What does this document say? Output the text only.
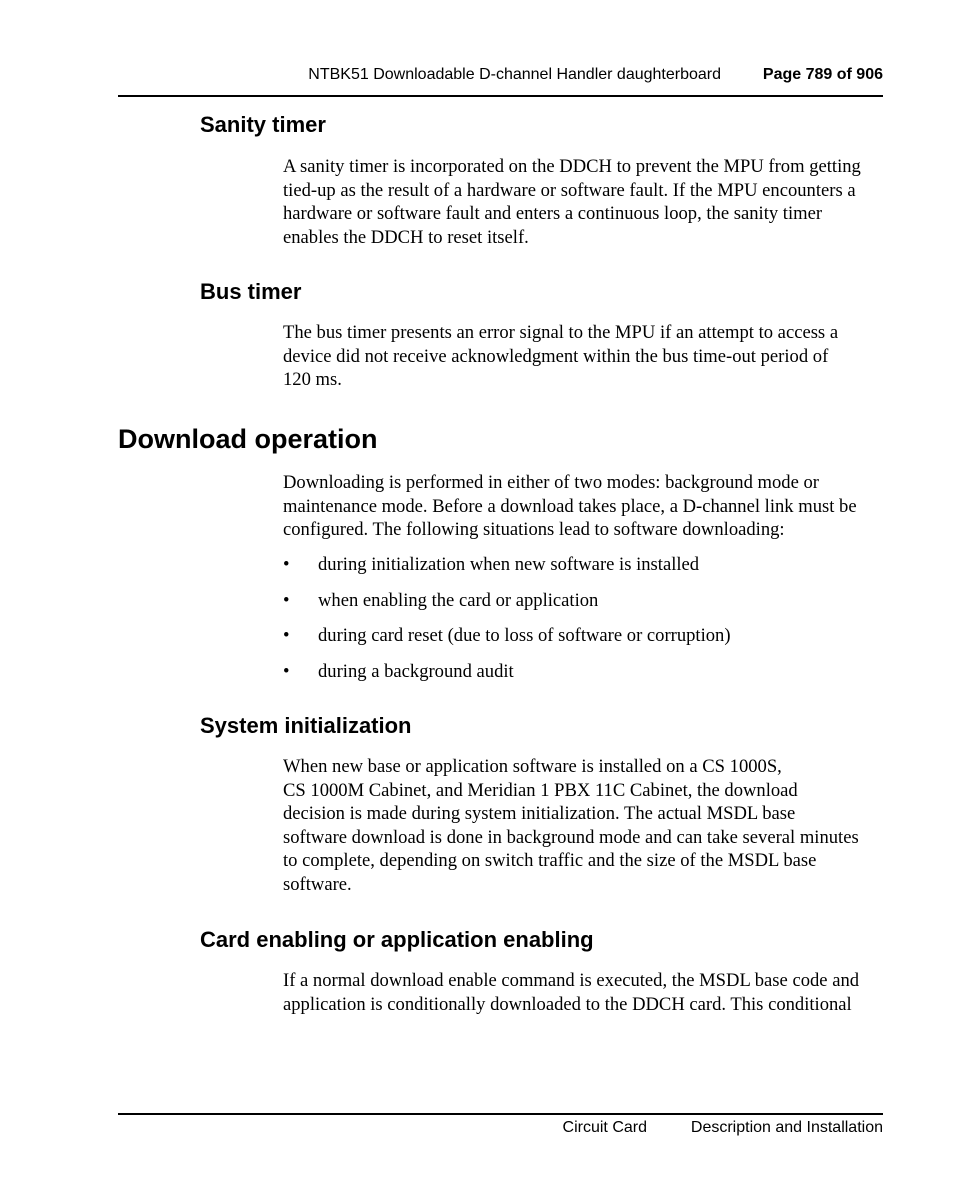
NTBK51 Downloadable D-channel Handler daughterboard	Page 789 of 906
Sanity timer
A sanity timer is incorporated on the DDCH to prevent the MPU from getting
tied-up as the result of a hardware or software fault. If the MPU encounters a
hardware or software fault and enters a continuous loop, the sanity timer
enables the DDCH to reset itself.
Bus timer
The bus timer presents an error signal to the MPU if an attempt to access a
device did not receive acknowledgment within the bus time-out period of
120 ms.
Download operation
Downloading is performed in either of two modes: background mode or
maintenance mode. Before a download takes place, a D-channel link must be
configured. The following situations lead to software downloading:
• during initialization when new software is installed
• when enabling the card or application
• during card reset (due to loss of software or corruption)
• during a background audit
System initialization
When new base or application software is installed on a CS 1000S,
CS 1000M Cabinet, and Meridian 1 PBX 11C Cabinet, the download
decision is made during system initialization. The actual MSDL base
software download is done in background mode and can take several minutes
to complete, depending on switch traffic and the size of the MSDL base
software.
Card enabling or application enabling
If a normal download enable command is executed, the MSDL base code and
application is conditionally downloaded to the DDCH card. This conditional
Circuit Card	Description and Installation
